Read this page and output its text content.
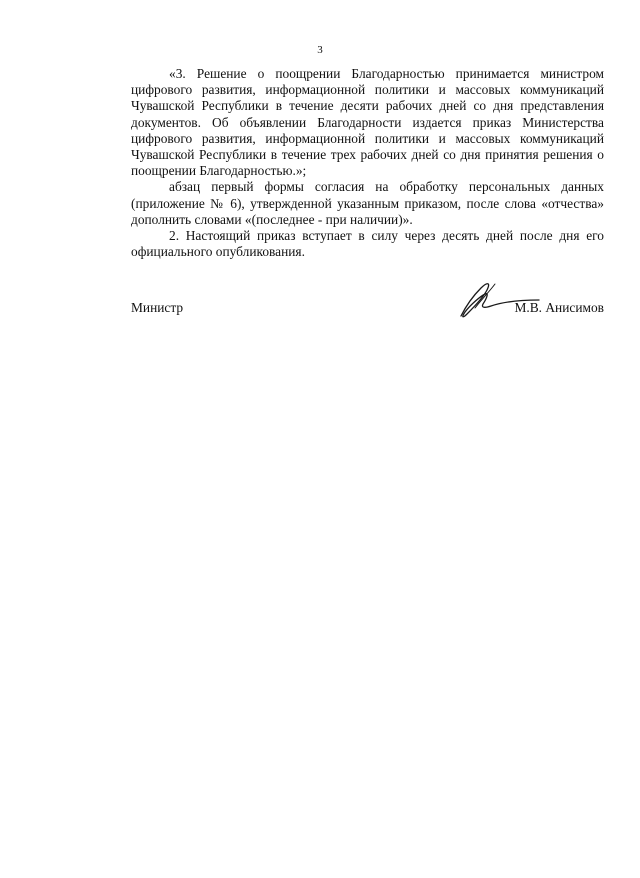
3

«3. Решение о поощрении Благодарностью принимается министром цифрового развития, информационной политики и массовых коммуникаций Чувашской Республики в течение десяти рабочих дней со дня представления документов. Об объявлении Благодарности издается приказ Министерства цифрового развития, информационной политики и массовых коммуникаций Чувашской Республики в течение трех рабочих дней со дня принятия решения о поощрении Благодарностью.»;

абзац первый формы согласия на обработку персональных данных (приложение № 6), утвержденной указанным приказом, после слова «отчества» дополнить словами «(последнее - при наличии)».

2. Настоящий приказ вступает в силу через десять дней после дня его официального опубликования.

Министр	М.В. Анисимов
